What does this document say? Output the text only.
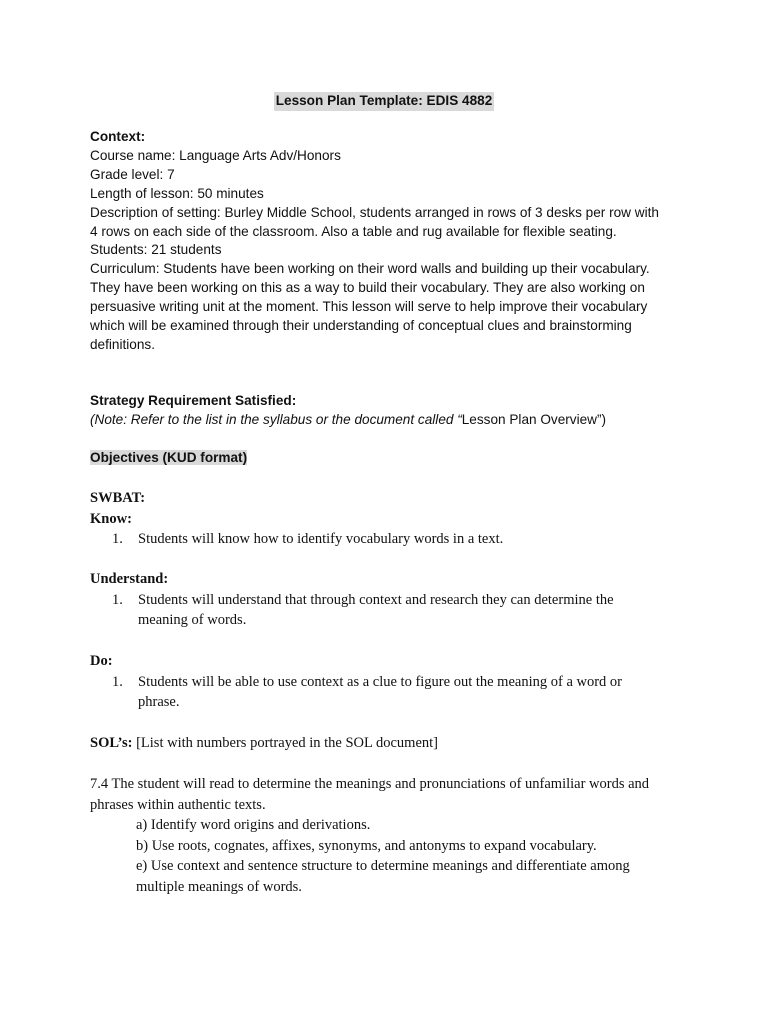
Lesson Plan Template: EDIS 4882
Context:
Course name: Language Arts Adv/Honors
Grade level: 7
Length of lesson: 50 minutes
Description of setting: Burley Middle School, students arranged in rows of 3 desks per row with
4 rows on each side of the classroom. Also a table and rug available for flexible seating.
Students: 21 students
Curriculum: Students have been working on their word walls and building up their vocabulary.
They have been working on this as a way to build their vocabulary. They are also working on
persuasive writing unit at the moment. This lesson will serve to help improve their vocabulary
which will be examined through their understanding of conceptual clues and brainstorming
definitions.
Strategy Requirement Satisfied:
(Note: Refer to the list in the syllabus or the document called “Lesson Plan Overview”)
Objectives (KUD format)
SWBAT:
Know:
1. Students will know how to identify vocabulary words in a text.
Understand:
1. Students will understand that through context and research they can determine the
meaning of words.
Do:
1. Students will be able to use context as a clue to figure out the meaning of a word or
phrase.
SOL’s: [List with numbers portrayed in the SOL document]
7.4 The student will read to determine the meanings and pronunciations of unfamiliar words and
phrases within authentic texts.
a) Identify word origins and derivations.
b) Use roots, cognates, affixes, synonyms, and antonyms to expand vocabulary.
e) Use context and sentence structure to determine meanings and differentiate among
multiple meanings of words.
